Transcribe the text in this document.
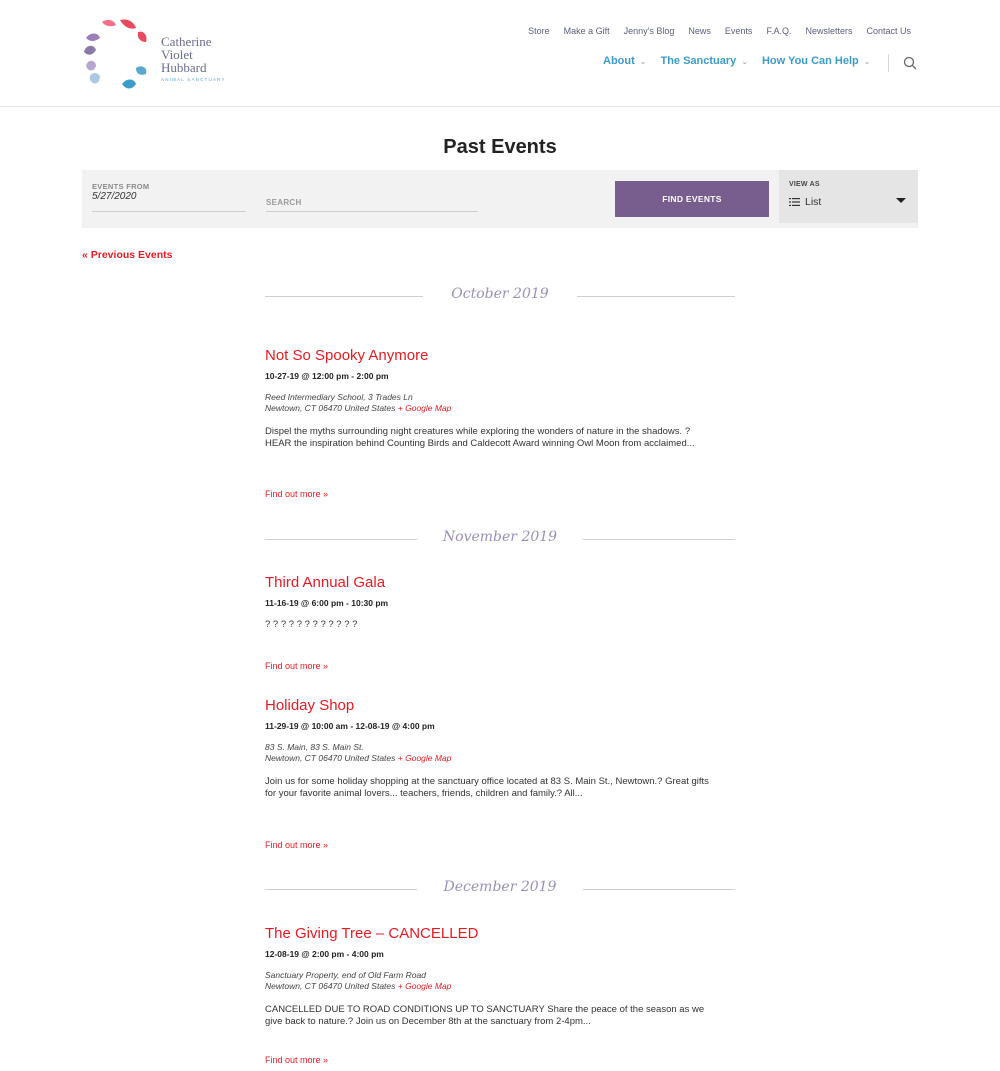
Catherine
Violet
Hubbard
ANIMAL SANCTUARY
Store Make a Gift Jenny's Blog News Events F.A.Q. Newsletters Contact Us
About ⌄ The Sanctuary ⌄ How You Can Help ⌄
Past Events
EVENTS FROM
5/27/2020
SEARCH	FIND EVENTS
VIEW AS
List
« Previous Events
October 2019
Not So Spooky Anymore
10-27-19 @ 12:00 pm - 2:00 pm
Reed Intermediary School, 3 Trades Ln
Newtown, CT 06470 United States + Google Map
Dispel the myths surrounding night creatures while exploring the wonders of nature in the shadows. ? HEAR the inspiration behind Counting Birds and Caldecott Award winning Owl Moon from acclaimed...
Find out more »
November 2019
Third Annual Gala
11-16-19 @ 6:00 pm - 10:30 pm
? ? ? ? ? ? ? ? ? ? ? ?
Find out more »
Holiday Shop
11-29-19 @ 10:00 am - 12-08-19 @ 4:00 pm
83 S. Main, 83 S. Main St.
Newtown, CT 06470 United States + Google Map
Join us for some holiday shopping at the sanctuary office located at 83 S. Main St., Newtown.? Great gifts for your favorite animal lovers... teachers, friends, children and family.? All...
Find out more »
December 2019
The Giving Tree – CANCELLED
12-08-19 @ 2:00 pm - 4:00 pm
Sanctuary Property, end of Old Farm Road
Newtown, CT 06470 United States + Google Map
CANCELLED DUE TO ROAD CONDITIONS UP TO SANCTUARY Share the peace of the season as we give back to nature.? Join us on December 8th at the sanctuary from 2-4pm...
Find out more »
